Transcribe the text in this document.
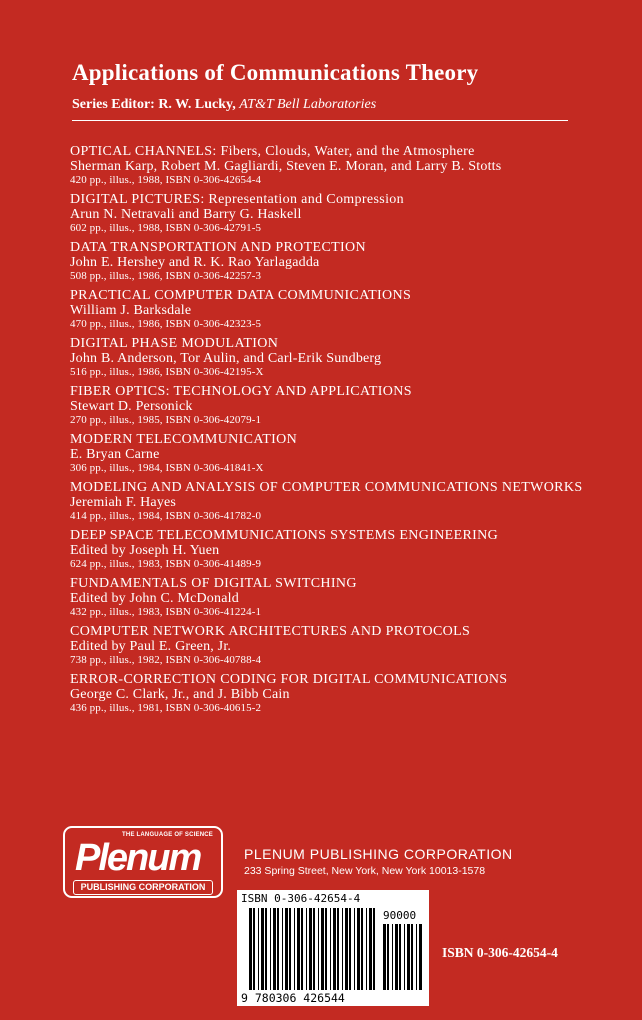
Applications of Communications Theory
Series Editor: R. W. Lucky, AT&T Bell Laboratories
OPTICAL CHANNELS: Fibers, Clouds, Water, and the Atmosphere
Sherman Karp, Robert M. Gagliardi, Steven E. Moran, and Larry B. Stotts
420 pp., illus., 1988, ISBN 0-306-42654-4
DIGITAL PICTURES: Representation and Compression
Arun N. Netravali and Barry G. Haskell
602 pp., illus., 1988, ISBN 0-306-42791-5
DATA TRANSPORTATION AND PROTECTION
John E. Hershey and R. K. Rao Yarlagadda
508 pp., illus., 1986, ISBN 0-306-42257-3
PRACTICAL COMPUTER DATA COMMUNICATIONS
William J. Barksdale
470 pp., illus., 1986, ISBN 0-306-42323-5
DIGITAL PHASE MODULATION
John B. Anderson, Tor Aulin, and Carl-Erik Sundberg
516 pp., illus., 1986, ISBN 0-306-42195-X
FIBER OPTICS: TECHNOLOGY AND APPLICATIONS
Stewart D. Personick
270 pp., illus., 1985, ISBN 0-306-42079-1
MODERN TELECOMMUNICATION
E. Bryan Carne
306 pp., illus., 1984, ISBN 0-306-41841-X
MODELING AND ANALYSIS OF COMPUTER COMMUNICATIONS NETWORKS
Jeremiah F. Hayes
414 pp., illus., 1984, ISBN 0-306-41782-0
DEEP SPACE TELECOMMUNICATIONS SYSTEMS ENGINEERING
Edited by Joseph H. Yuen
624 pp., illus., 1983, ISBN 0-306-41489-9
FUNDAMENTALS OF DIGITAL SWITCHING
Edited by John C. McDonald
432 pp., illus., 1983, ISBN 0-306-41224-1
COMPUTER NETWORK ARCHITECTURES AND PROTOCOLS
Edited by Paul E. Green, Jr.
738 pp., illus., 1982, ISBN 0-306-40788-4
ERROR-CORRECTION CODING FOR DIGITAL COMMUNICATIONS
George C. Clark, Jr., and J. Bibb Cain
436 pp., illus., 1981, ISBN 0-306-40615-2
THE LANGUAGE OF SCIENCE
Plenum
PUBLISHING CORPORATION
PLENUM PUBLISHING CORPORATION
233 Spring Street, New York, New York 10013-1578
ISBN 0-306-42654-4
90000
9 780306 426544
ISBN 0-306-42654-4
